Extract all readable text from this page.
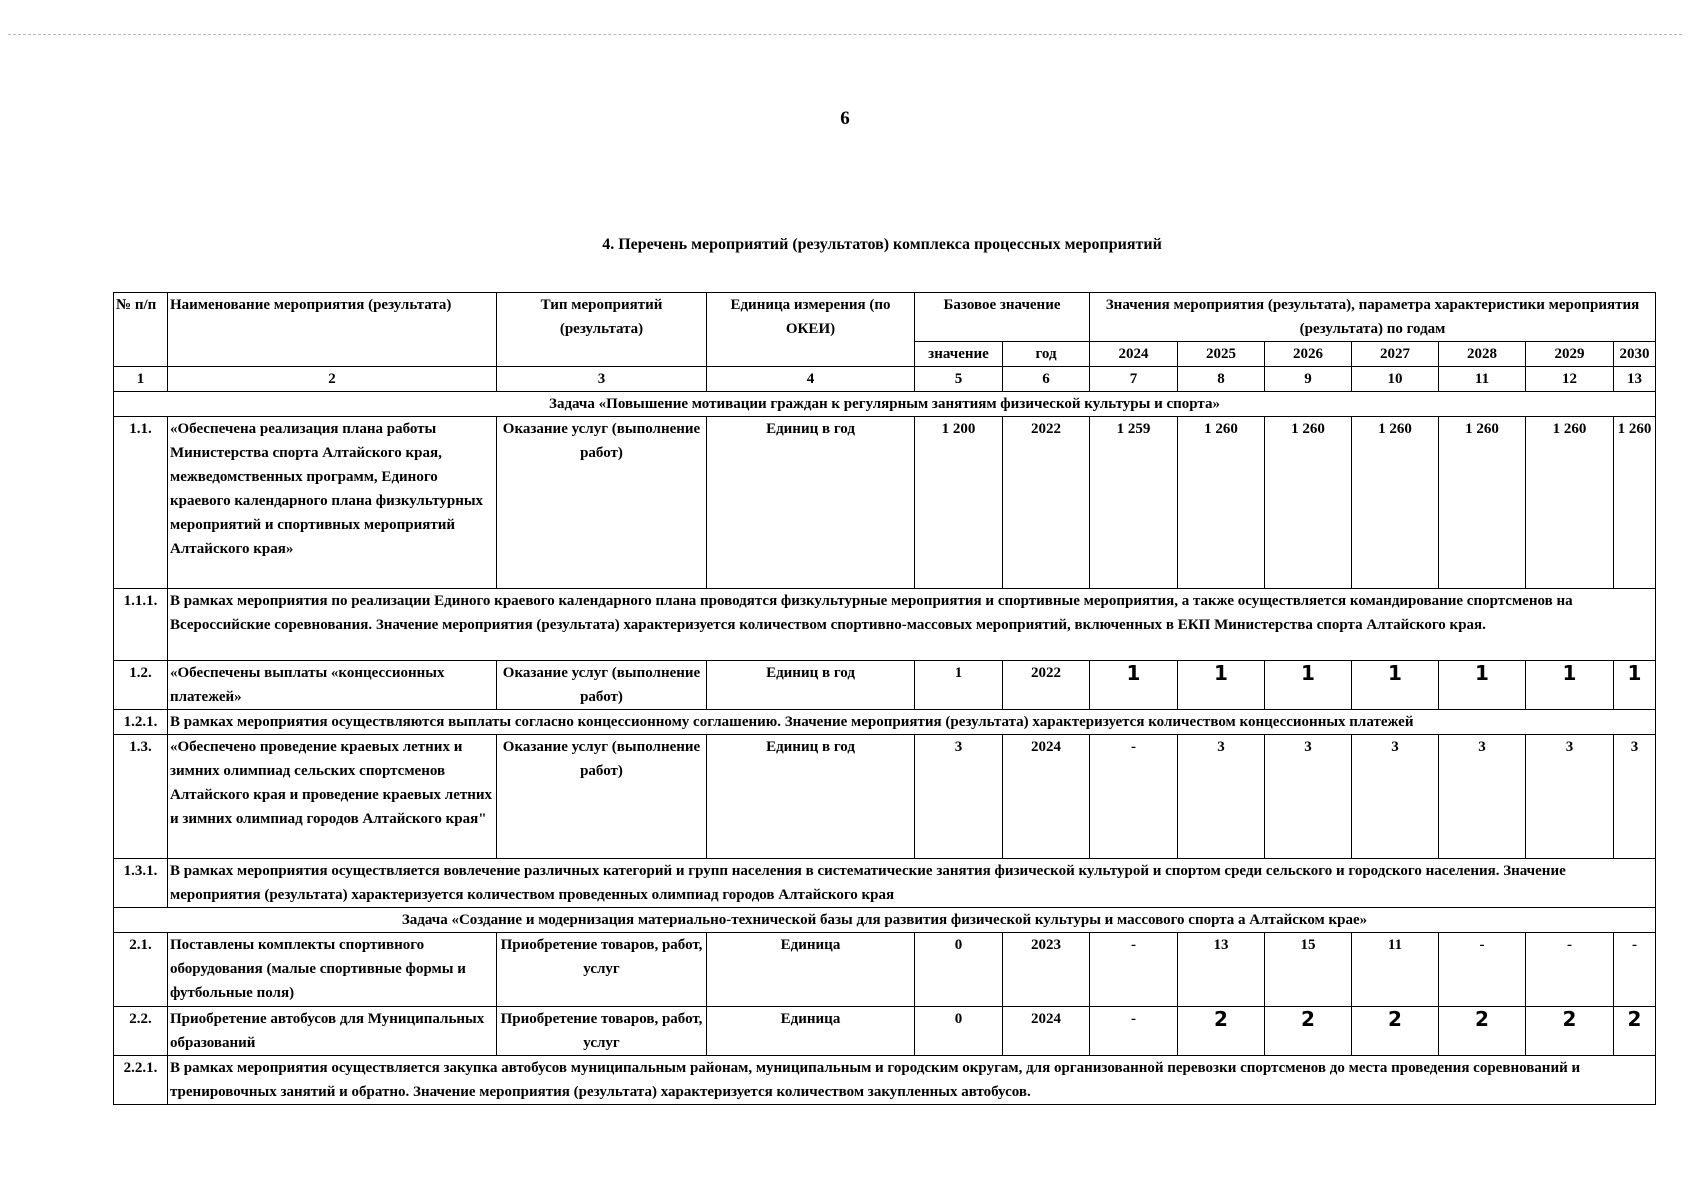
6
4. Перечень мероприятий (результатов) комплекса процессных мероприятий
№ п/п	Наименование мероприятия (результата)	Тип мероприятий (результата)	Единица измерения (по ОКЕИ)	Базовое значение		Значения мероприятия (результата), параметра характеристики мероприятия (результата) по годам						
				значение	год	2024	2025	2026	2027	2028	2029	2030
1	2	3	4	5	6	7	8	9	10	11	12	13
Задача «Повышение мотивации граждан к регулярным занятиям физической культуры и спорта»												
1.1.	«Обеспечена реализация плана работы Министерства спорта Алтайского края, межведомственных программ, Единого краевого календарного плана физкультурных мероприятий и спортивных мероприятий Алтайского края»	Оказание услуг (выполнение работ)	Единиц в год	1 200	2022	1 259	1 260	1 260	1 260	1 260	1 260	1 260
1.1.1.	В рамках мероприятия по реализации Единого краевого календарного плана проводятся физкультурные мероприятия и спортивные мероприятия, а также осуществляется командирование спортсменов на Всероссийские соревнования. Значение мероприятия (результата) характеризуется количеством спортивно-массовых мероприятий, включенных в ЕКП Министерства спорта Алтайского края.											
1.2.	«Обеспечены выплаты «концессионных платежей»	Оказание услуг (выполнение работ)	Единиц в год	1	2022	1	1	1	1	1	1	1
1.2.1.	В рамках мероприятия осуществляются выплаты согласно концессионному соглашению. Значение мероприятия (результата) характеризуется количеством концессионных платежей											
1.3.	«Обеспечено проведение краевых летних и зимних олимпиад сельских спортсменов Алтайского края и проведение краевых летних и зимних олимпиад городов Алтайского края"	Оказание услуг (выполнение работ)	Единиц в год	3	2024	-	3	3	3	3	3	3
1.3.1.	В рамках мероприятия осуществляется вовлечение различных категорий и групп населения в систематические занятия физической культурой и спортом среди сельского и городского населения. Значение мероприятия (результата) характеризуется количеством проведенных олимпиад городов Алтайского края											
Задача «Создание и модернизация материально-технической базы для развития физической культуры и массового спорта а Алтайском крае»												
2.1.	Поставлены комплекты спортивного оборудования (малые спортивные формы и футбольные поля)	Приобретение товаров, работ, услуг	Единица	0	2023	-	13	15	11	-	-	-
2.2.	Приобретение автобусов для Муниципальных образований	Приобретение товаров, работ, услуг	Единица	0	2024	-	2	2	2	2	2	2
2.2.1.	В рамках мероприятия осуществляется закупка автобусов муниципальным районам, муниципальным и городским округам, для организованной перевозки спортсменов до места проведения соревнований и тренировочных занятий и обратно. Значение мероприятия (результата) характеризуется количеством закупленных автобусов.											
